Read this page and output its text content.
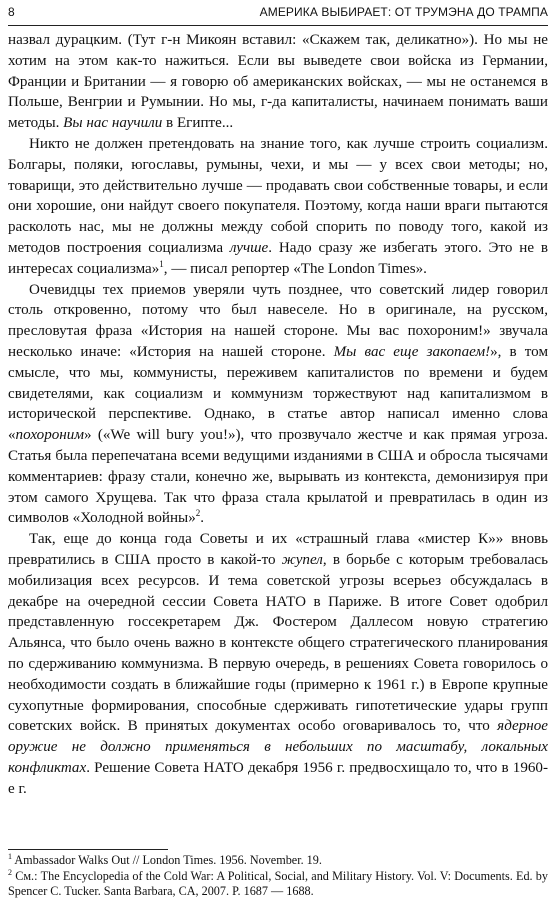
8	АМЕРИКА ВЫБИРАЕТ: ОТ ТРУМЭНА ДО ТРАМПА

назвал дурацким. (Тут г-н Микоян вставил: «Скажем так, деликатно»). Но мы не хотим на этом как-то нажиться. Если вы выведете свои войска из Германии, Франции и Британии — я говорю об американских войсках, — мы не останемся в Польше, Венгрии и Румынии. Но мы, г-да капиталисты, начинаем понимать ваши методы. Вы нас научили в Египте...

Никто не должен претендовать на знание того, как лучше строить социализм. Болгары, поляки, югославы, румыны, чехи, и мы — у всех свои методы; но, товарищи, это действительно лучше — продавать свои собственные товары, и если они хорошие, они найдут своего покупателя. Поэтому, когда наши враги пытаются расколоть нас, мы не должны между собой спорить по поводу того, какой из методов построения социализма лучше. Надо сразу же избегать этого. Это не в интересах социализма»$^1$, — писал репортер «The London Times».

Очевидцы тех приемов уверяли чуть позднее, что советский лидер говорил столь откровенно, потому что был навеселе. Но в оригинале, на русском, пресловутая фраза «История на нашей стороне. Мы вас похороним!» звучала несколько иначе: «История на нашей стороне. Мы вас еще закопаем!», в том смысле, что мы, коммунисты, переживем капиталистов по времени и будем свидетелями, как социализм и коммунизм торжествуют над капитализмом в исторической перспективе. Однако, в статье автор написал именно слова «похороним» («We will bury you!»), что прозвучало жестче и как прямая угроза. Статья была перепечатана всеми ведущими изданиями в США и обросла тысячами комментариев: фразу стали, конечно же, вырывать из контекста, демонизируя при этом самого Хрущева. Так что фраза стала крылатой и превратилась в один из символов «Холодной войны»$^2$.

Так, еще до конца года Советы и их «страшный глава «мистер К»» вновь превратились в США просто в какой-то жупел, в борьбе с которым требовалась мобилизация всех ресурсов. И тема советской угрозы всерьез обсуждалась в декабре на очередной сессии Совета НАТО в Париже. В итоге Совет одобрил представленную госсекретарем Дж. Фостером Даллесом новую стратегию Альянса, что было очень важно в контексте общего стратегического планирования по сдерживанию коммунизма. В первую очередь, в решениях Совета говорилось о необходимости создать в ближайшие годы (примерно к 1961 г.) в Европе крупные сухопутные формирования, способные сдерживать гипотетические удары групп советских войск. В принятых документах особо оговаривалось то, что ядерное оружие не должно применяться в небольших по масштабу, локальных конфликтах. Решение Совета НАТО декабря 1956 г. предвосхищало то, что в 1960-е г.

$^1$ Ambassador Walks Out // London Times. 1956. November. 19.

$^2$ См.: The Encyclopedia of the Cold War: A Political, Social, and Military History. Vol. V: Documents. Ed. by Spencer C. Tucker. Santa Barbara, CA, 2007. P. 1687 — 1688.
